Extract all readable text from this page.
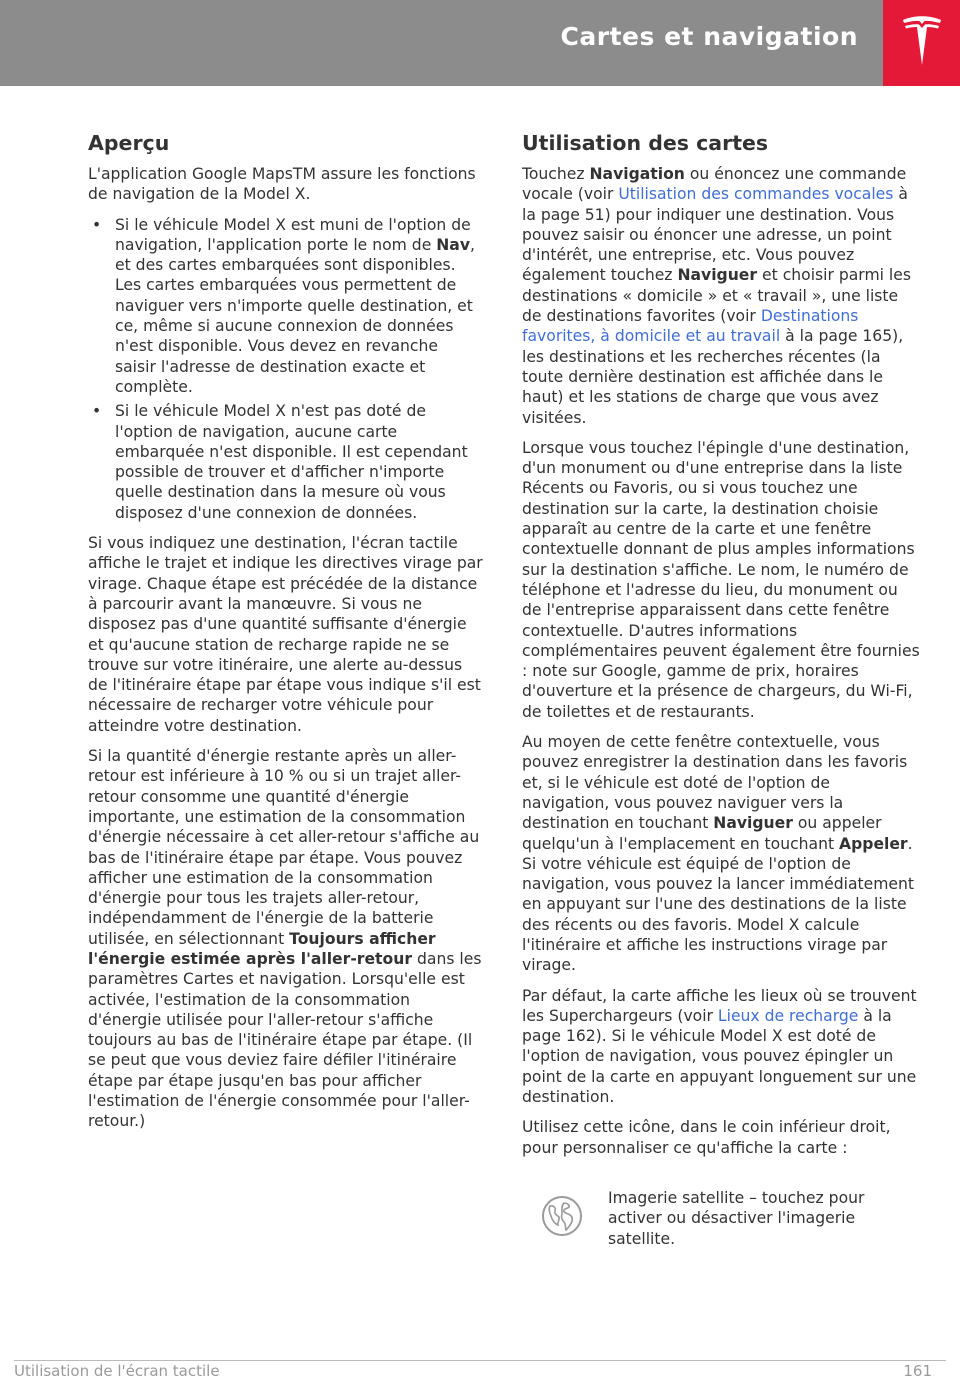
Cartes et navigation
Aperçu

L'application Google MapsTM assure les fonctions de navigation de la Model X.

• Si le véhicule Model X est muni de l'option de navigation, l'application porte le nom de Nav, et des cartes embarquées sont disponibles. Les cartes embarquées vous permettent de naviguer vers n'importe quelle destination, et ce, même si aucune connexion de données n'est disponible. Vous devez en revanche saisir l'adresse de destination exacte et complète.
• Si le véhicule Model X n'est pas doté de l'option de navigation, aucune carte embarquée n'est disponible. Il est cependant possible de trouver et d'afficher n'importe quelle destination dans la mesure où vous disposez d'une connexion de données.

Si vous indiquez une destination, l'écran tactile affiche le trajet et indique les directives virage par virage. Chaque étape est précédée de la distance à parcourir avant la manœuvre. Si vous ne disposez pas d'une quantité suffisante d'énergie et qu'aucune station de recharge rapide ne se trouve sur votre itinéraire, une alerte au-dessus de l'itinéraire étape par étape vous indique s'il est nécessaire de recharger votre véhicule pour atteindre votre destination.

Si la quantité d'énergie restante après un aller-retour est inférieure à 10 % ou si un trajet aller-retour consomme une quantité d'énergie importante, une estimation de la consommation d'énergie nécessaire à cet aller-retour s'affiche au bas de l'itinéraire étape par étape. Vous pouvez afficher une estimation de la consommation d'énergie pour tous les trajets aller-retour, indépendamment de l'énergie de la batterie utilisée, en sélectionnant Toujours afficher l'énergie estimée après l'aller-retour dans les paramètres Cartes et navigation. Lorsqu'elle est activée, l'estimation de la consommation d'énergie utilisée pour l'aller-retour s'affiche toujours au bas de l'itinéraire étape par étape. (Il se peut que vous deviez faire défiler l'itinéraire étape par étape jusqu'en bas pour afficher l'estimation de l'énergie consommée pour l'aller-retour.)

Utilisation des cartes

Touchez Navigation ou énoncez une commande vocale (voir Utilisation des commandes vocales à la page 51) pour indiquer une destination. Vous pouvez saisir ou énoncer une adresse, un point d'intérêt, une entreprise, etc. Vous pouvez également touchez Naviguer et choisir parmi les destinations « domicile » et « travail », une liste de destinations favorites (voir Destinations favorites, à domicile et au travail à la page 165), les destinations et les recherches récentes (la toute dernière destination est affichée dans le haut) et les stations de charge que vous avez visitées.

Lorsque vous touchez l'épingle d'une destination, d'un monument ou d'une entreprise dans la liste Récents ou Favoris, ou si vous touchez une destination sur la carte, la destination choisie apparaît au centre de la carte et une fenêtre contextuelle donnant de plus amples informations sur la destination s'affiche. Le nom, le numéro de téléphone et l'adresse du lieu, du monument ou de l'entreprise apparaissent dans cette fenêtre contextuelle. D'autres informations complémentaires peuvent également être fournies : note sur Google, gamme de prix, horaires d'ouverture et la présence de chargeurs, du Wi-Fi, de toilettes et de restaurants.

Au moyen de cette fenêtre contextuelle, vous pouvez enregistrer la destination dans les favoris et, si le véhicule est doté de l'option de navigation, vous pouvez naviguer vers la destination en touchant Naviguer ou appeler quelqu'un à l'emplacement en touchant Appeler. Si votre véhicule est équipé de l'option de navigation, vous pouvez la lancer immédiatement en appuyant sur l'une des destinations de la liste des récents ou des favoris. Model X calcule l'itinéraire et affiche les instructions virage par virage.

Par défaut, la carte affiche les lieux où se trouvent les Superchargeurs (voir Lieux de recharge à la page 162). Si le véhicule Model X est doté de l'option de navigation, vous pouvez épingler un point de la carte en appuyant longuement sur une destination.

Utilisez cette icône, dans le coin inférieur droit, pour personnaliser ce qu'affiche la carte :

Imagerie satellite – touchez pour activer ou désactiver l'imagerie satellite.
Utilisation de l'écran tactile	161
